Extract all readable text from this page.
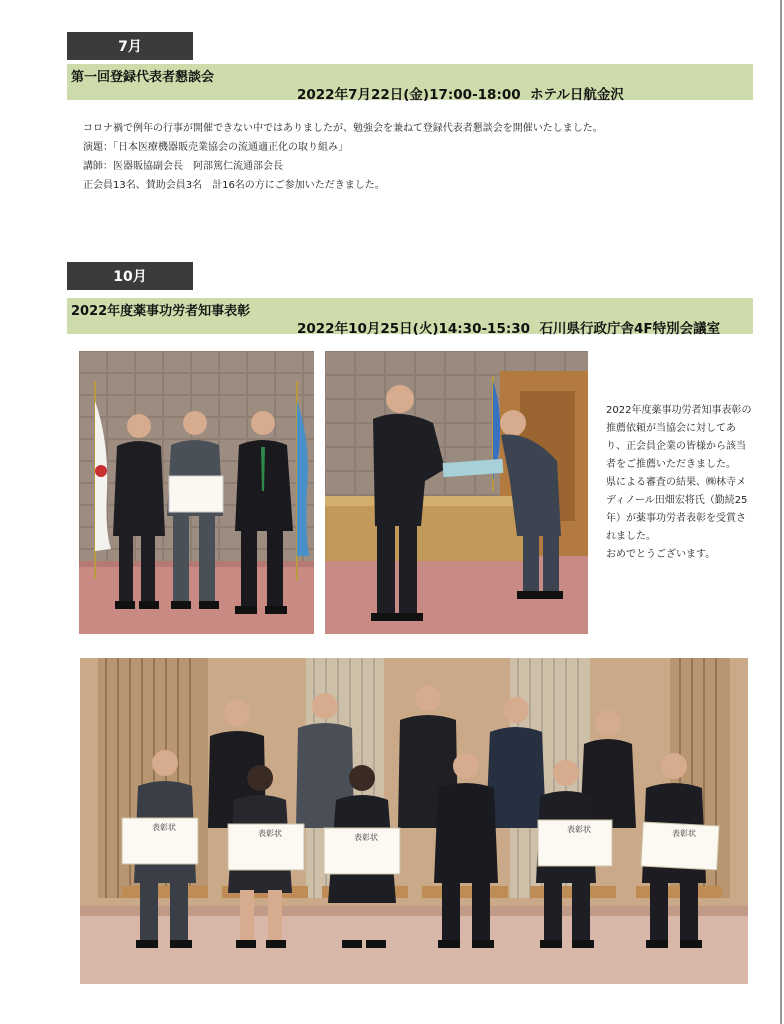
7月
第一回登録代表者懇談会
2022年7月22日(金)17:00-18:00 ホテル日航金沢
コロナ禍で例年の行事が開催できない中ではありましたが、勉強会を兼ねて登録代表者懇談会を開催いたしました。
演題：「日本医療機器販売業協会の流通適正化の取り組み」
講師：医器販協副会長　阿部篤仁流通部会長
正会員13名、賛助会員3名　計16名の方にご参加いただきました。
10月
2022年度薬事功労者知事表彰
2022年10月25日(火)14:30-15:30 石川県行政庁舎4F特別会議室
2022年度薬事功労者知事表彰の推薦依頼が当協会に対してあり、正会員企業の皆様から該当者をご推薦いただきました。
県による審査の結果、㈱林寺メディノール田畑宏将氏（勤続25年）が薬事功労者表彰を受賞されました。
おめでとうございます。
表彰状
表彰状	表彰状
表彰状	表彰状
